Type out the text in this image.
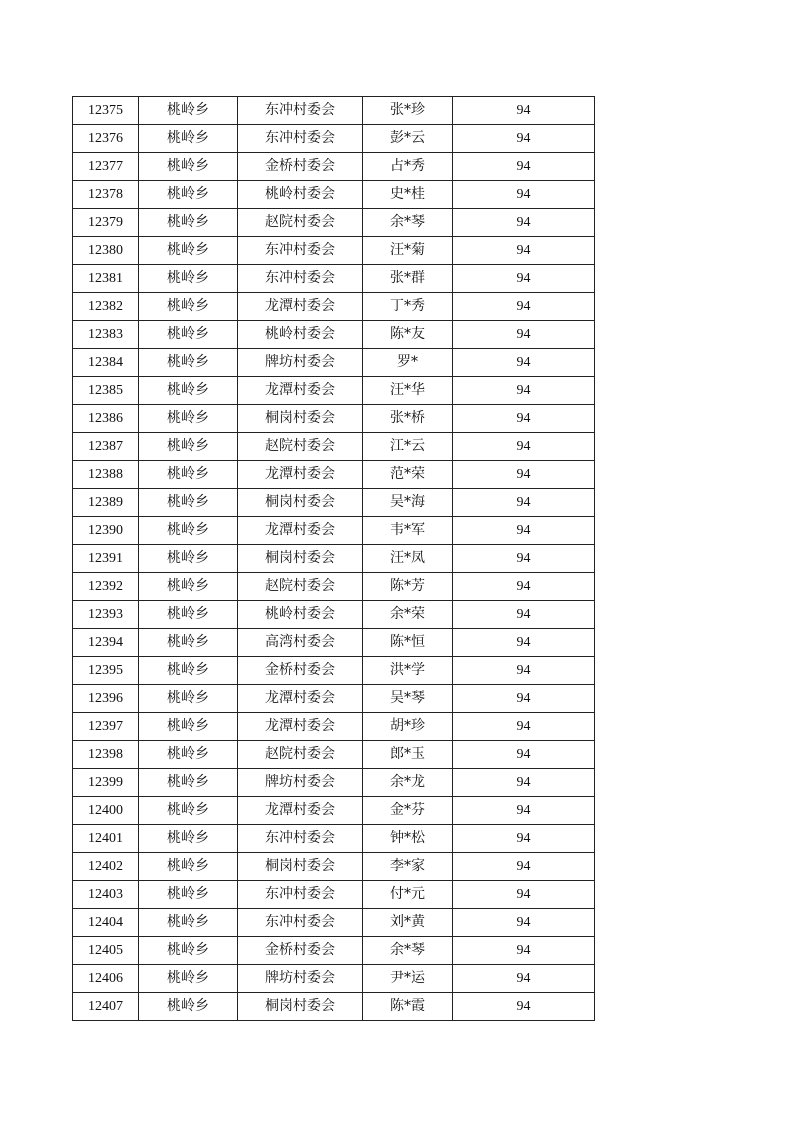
12375	桃岭乡	东冲村委会	张*珍	94
12376	桃岭乡	东冲村委会	彭*云	94
12377	桃岭乡	金桥村委会	占*秀	94
12378	桃岭乡	桃岭村委会	史*桂	94
12379	桃岭乡	赵院村委会	余*琴	94
12380	桃岭乡	东冲村委会	汪*菊	94
12381	桃岭乡	东冲村委会	张*群	94
12382	桃岭乡	龙潭村委会	丁*秀	94
12383	桃岭乡	桃岭村委会	陈*友	94
12384	桃岭乡	牌坊村委会	罗*	94
12385	桃岭乡	龙潭村委会	汪*华	94
12386	桃岭乡	桐岗村委会	张*桥	94
12387	桃岭乡	赵院村委会	江*云	94
12388	桃岭乡	龙潭村委会	范*荣	94
12389	桃岭乡	桐岗村委会	吴*海	94
12390	桃岭乡	龙潭村委会	韦*军	94
12391	桃岭乡	桐岗村委会	汪*凤	94
12392	桃岭乡	赵院村委会	陈*芳	94
12393	桃岭乡	桃岭村委会	余*荣	94
12394	桃岭乡	高湾村委会	陈*恒	94
12395	桃岭乡	金桥村委会	洪*学	94
12396	桃岭乡	龙潭村委会	吴*琴	94
12397	桃岭乡	龙潭村委会	胡*珍	94
12398	桃岭乡	赵院村委会	郎*玉	94
12399	桃岭乡	牌坊村委会	余*龙	94
12400	桃岭乡	龙潭村委会	金*芬	94
12401	桃岭乡	东冲村委会	钟*松	94
12402	桃岭乡	桐岗村委会	李*家	94
12403	桃岭乡	东冲村委会	付*元	94
12404	桃岭乡	东冲村委会	刘*黄	94
12405	桃岭乡	金桥村委会	余*琴	94
12406	桃岭乡	牌坊村委会	尹*运	94
12407	桃岭乡	桐岗村委会	陈*霞	94
